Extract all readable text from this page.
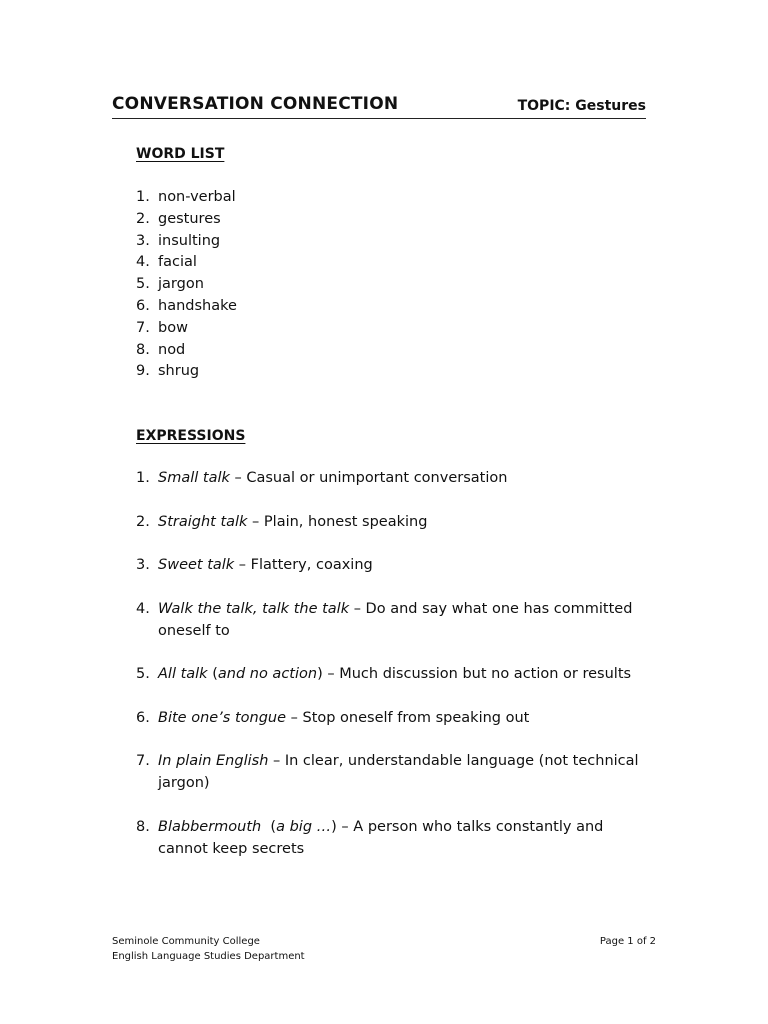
CONVERSATION CONNECTION	TOPIC: Gestures
WORD LIST
1. non-verbal
2. gestures
3. insulting
4. facial
5. jargon
6. handshake
7. bow
8. nod
9. shrug
EXPRESSIONS
1. Small talk – Casual or unimportant conversation
2. Straight talk – Plain, honest speaking
3. Sweet talk – Flattery, coaxing
4. Walk the talk, talk the talk – Do and say what one has committed oneself to
5. All talk (and no action) – Much discussion but no action or results
6. Bite one’s tongue – Stop oneself from speaking out
7. In plain English – In clear, understandable language (not technical jargon)
8. Blabbermouth  (a big …) – A person who talks constantly and cannot keep secrets
Seminole Community College
English Language Studies Department
Page 1 of 2
